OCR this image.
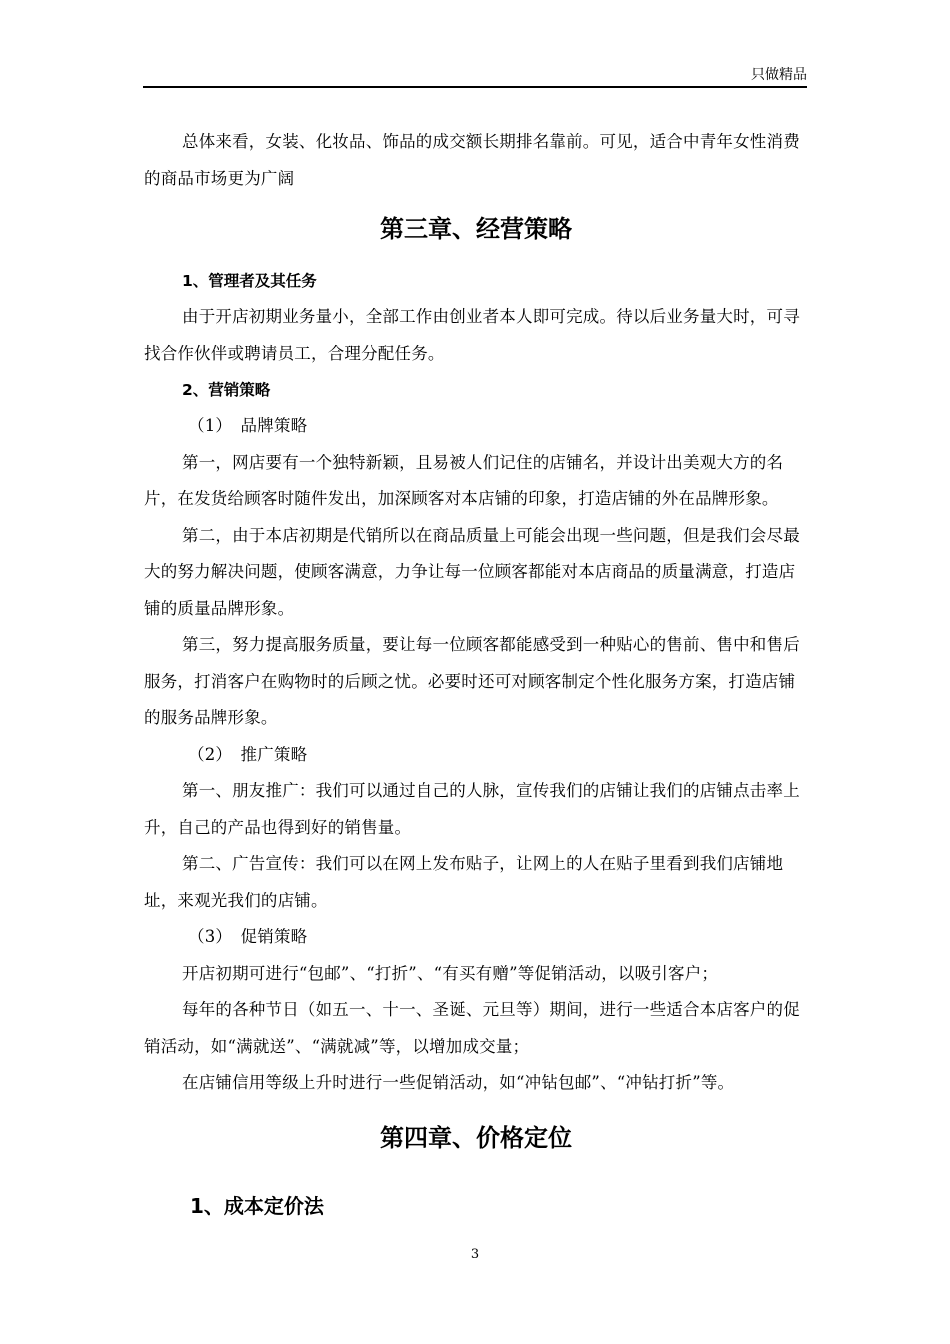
只做精品

总体来看，女装、化妆品、饰品的成交额长期排名靠前。可见，适合中青年女性消费的商品市场更为广阔

第三章、经营策略
1、管理者及其任务

由于开店初期业务量小，全部工作由创业者本人即可完成。待以后业务量大时，可寻找合作伙伴或聘请员工，合理分配任务。

2、营销策略

（1）　品牌策略

第一，网店要有一个独特新颖，且易被人们记住的店铺名，并设计出美观大方的名片，在发货给顾客时随件发出，加深顾客对本店铺的印象，打造店铺的外在品牌形象。

第二，由于本店初期是代销所以在商品质量上可能会出现一些问题，但是我们会尽最大的努力解决问题，使顾客满意，力争让每一位顾客都能对本店商品的质量满意，打造店铺的质量品牌形象。

第三，努力提高服务质量，要让每一位顾客都能感受到一种贴心的售前、售中和售后服务，打消客户在购物时的后顾之忧。必要时还可对顾客制定个性化服务方案，打造店铺的服务品牌形象。

（2）　推广策略

第一、朋友推广：我们可以通过自己的人脉，宣传我们的店铺让我们的店铺点击率上升，自己的产品也得到好的销售量。

第二、广告宣传：我们可以在网上发布贴子，让网上的人在贴子里看到我们店铺地址，来观光我们的店铺。

（3）　促销策略

开店初期可进行“包邮”、“打折”、“有买有赠”等促销活动，以吸引客户；

每年的各种节日（如五一、十一、圣诞、元旦等）期间，进行一些适合本店客户的促销活动，如“满就送”、“满就减”等，以增加成交量；

在店铺信用等级上升时进行一些促销活动，如“冲钻包邮”、“冲钻打折”等。

第四章、价格定位
1、成本定价法
3
